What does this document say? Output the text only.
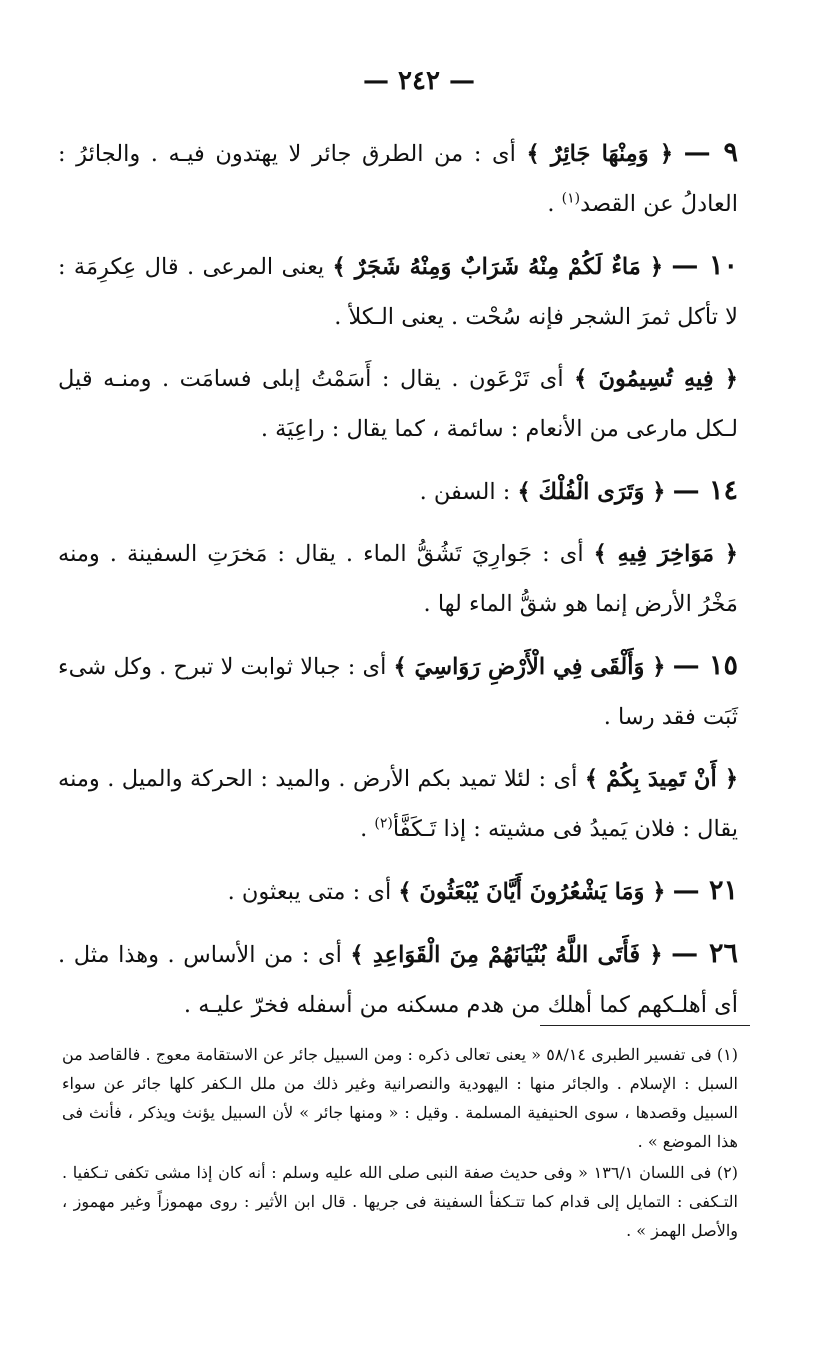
— ٢٤٢ —

٩ — ﴿ وَمِنْهَا جَائِرٌ ﴾ أى : من الطرق جائر لا يهتدون فيـه . والجائرُ : العادلُ عن القصد$^{(١)}$ .

١٠ — ﴿ مَاءٌ لَكُمْ مِنْهُ شَرَابٌ وَمِنْهُ شَجَرٌ ﴾ يعنى المرعى . قال عِكرِمَة : لا تأكل ثمرَ الشجر فإنه سُحْت . يعنى الـكلأ .

﴿ فِيهِ تُسِيمُونَ ﴾ أى تَرْعَون . يقال : أَسَمْتُ إبلى فسامَت . ومنـه قيل لـكل مارعى من الأنعام : سائمة ، كما يقال : راعِيَة .

١٤ — ﴿ وَتَرَى الْفُلْكَ ﴾ : السفن .

﴿ مَوَاخِرَ فِيهِ ﴾ أى : جَوارِيَ تَشُقُّ الماء . يقال : مَخرَتِ السفينة . ومنه مَخْرُ الأرض إنما هو شقُّ الماء لها .

١٥ — ﴿ وَأَلْقَى فِي الْأَرْضِ رَوَاسِيَ ﴾ أى : جبالا ثوابت لا تبرح . وكل شىء ثَبَت فقد رسا .

﴿ أَنْ تَمِيدَ بِكُمْ ﴾ أى : لئلا تميد بكم الأرض . والميد : الحركة والميل . ومنه يقال : فلان يَميدُ فى مشيته : إذا تَـكَفَّأ$^{(٢)}$ .

٢١ — ﴿ وَمَا يَشْعُرُونَ أَيَّانَ يُبْعَثُونَ ﴾ أى : متى يبعثون .

٢٦ — ﴿ فَأَتَى اللَّهُ بُنْيَانَهُمْ مِنَ الْقَوَاعِدِ ﴾ أى : من الأساس . وهذا مثل . أى أهلـكهم كما أهلك من هدم مسكنه من أسفله فخرّ عليـه .

(١) فى تفسير الطبرى ٥٨/١٤ « يعنى تعالى ذكره : ومن السبيل جائر عن الاستقامة معوج . فالقاصد من السبل : الإسلام . والجائر منها : اليهودية والنصرانية وغير ذلك من ملل الـكفر كلها جائر عن سواء السبيل وقصدها ، سوى الحنيفية المسلمة . وقيل : « ومنها جائر » لأن السبيل يؤنث ويذكر ، فأنث فى هذا الموضع » .

(٢) فى اللسان ١٣٦/١ « وفى حديث صفة النبى صلى الله عليه وسلم : أنه كان إذا مشى تكفى تـكفيا . التـكفى : التمايل إلى قدام كما تتـكفأ السفينة فى جريها . قال ابن الأثير : روى مهموزاً وغير مهموز ، والأصل الهمز » .
